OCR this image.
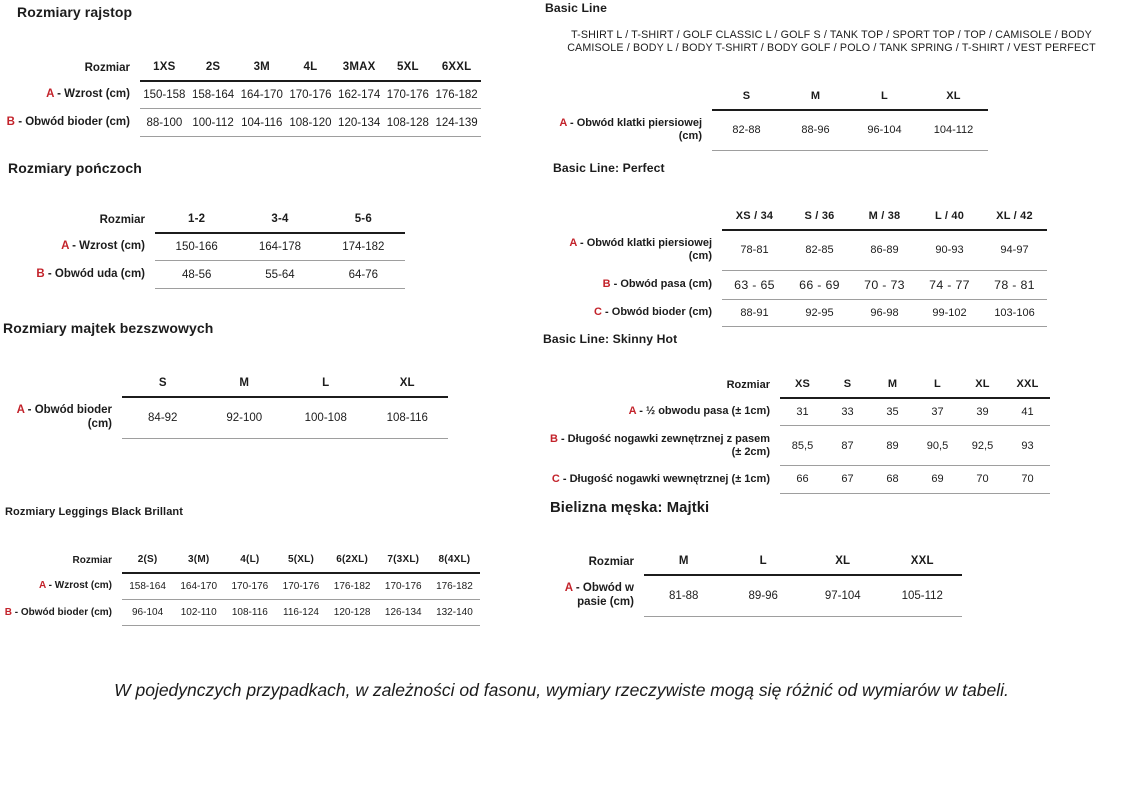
Rozmiary rajstop
Rozmiar	1XS	2S	3M	4L	3MAX	5XL	6XXL
A - Wzrost (cm)	150-158	158-164	164-170	170-176	162-174	170-176	176-182
B - Obwód bioder (cm)	88-100	100-112	104-116	108-120	120-134	108-128	124-139
Rozmiary pończoch
Rozmiar	1-2	3-4	5-6
A - Wzrost (cm)	150-166	164-178	174-182
B - Obwód uda (cm)	48-56	55-64	64-76
Rozmiary majtek bezszwowych
	S	M	L	XL
A - Obwód bioder (cm)	84-92	92-100	100-108	108-116
Rozmiary Leggings Black Brillant
Rozmiar	2(S)	3(M)	4(L)	5(XL)	6(2XL)	7(3XL)	8(4XL)
A - Wzrost (cm)	158-164	164-170	170-176	170-176	176-182	170-176	176-182
B - Obwód bioder (cm)	96-104	102-110	108-116	116-124	120-128	126-134	132-140
Basic Line

T-SHIRT L / T-SHIRT / GOLF CLASSIC L / GOLF S / TANK TOP / SPORT TOP / TOP / CAMISOLE / BODY CAMISOLE / BODY L / BODY T-SHIRT / BODY GOLF / POLO / TANK SPRING / T-SHIRT / VEST PERFECT

	S	M	L	XL
A - Obwód klatki piersiowej (cm)	82-88	88-96	96-104	104-112
Basic Line: Perfect
	XS / 34	S / 36	M / 38	L / 40	XL / 42
A - Obwód klatki piersiowej (cm)	78-81	82-85	86-89	90-93	94-97
B - Obwód pasa (cm)	63 - 65	66 - 69	70 - 73	74 - 77	78 - 81
C - Obwód bioder (cm)	88-91	92-95	96-98	99-102	103-106
Basic Line: Skinny Hot
Rozmiar	XS	S	M	L	XL	XXL
A - ½ obwodu pasa (± 1cm)	31	33	35	37	39	41
B - Długość nogawki zewnętrznej z pasem (± 2cm)	85,5	87	89	90,5	92,5	93
C - Długość nogawki wewnętrznej (± 1cm)	66	67	68	69	70	70
Bielizna męska: Majtki
Rozmiar	M	L	XL	XXL
A - Obwód w pasie (cm)	81-88	89-96	97-104	105-112

W pojedynczych przypadkach, w zależności od fasonu, wymiary rzeczywiste mogą się różnić od wymiarów w tabeli.
